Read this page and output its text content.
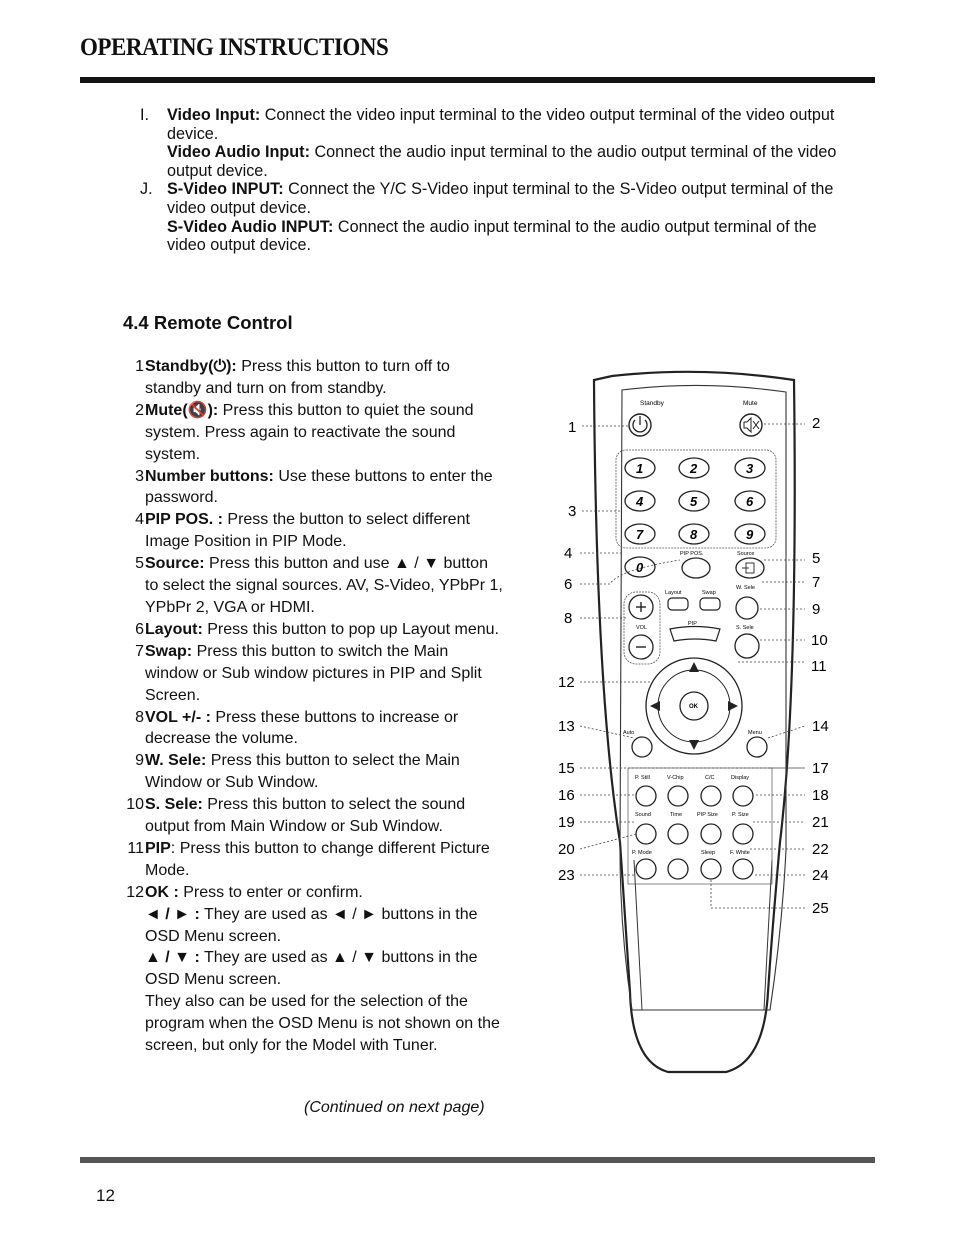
OPERATING INSTRUCTIONS
I.	Video Input: Connect the video input terminal to the video output terminal of the video output device.

Video Audio Input: Connect the audio input terminal to the audio output terminal of the video output device.

J. S-Video INPUT: Connect the Y/C S-Video input terminal to the S-Video output terminal of the video output device.

S-Video Audio INPUT: Connect the audio input terminal to the audio output terminal of the video output device.

4.4 Remote Control
1 Standby(⏻): Press this button to turn off to standby and turn on from standby.

2 Mute(🔇): Press this button to quiet the sound system. Press again to reactivate the sound system.

3 Number buttons: Use these buttons to enter the password.

4 PIP POS. : Press the button to select different Image Position in PIP Mode.

5 Source: Press this button and use ▲ / ▼ button to select the signal sources. AV, S-Video, YPbPr 1, YPbPr 2, VGA or HDMI.

6 Layout: Press this button to pop up Layout menu.

7 Swap: Press this button to switch the Main window or Sub window pictures in PIP and Split Screen.

8 VOL +/- : Press these buttons to increase or decrease the volume.

9 W. Sele: Press this button to select the Main Window or Sub Window.

10 S. Sele: Press this button to select the sound output from Main Window or Sub Window.

11 PIP: Press this button to change different Picture Mode.

12 OK : Press to enter or confirm.

◄ / ► : They are used as ◄ / ► buttons in the OSD Menu screen.

▲ / ▼ : They are used as ▲ / ▼ buttons in the OSD Menu screen.

They also can be used for the selection of the program when the OSD Menu is not shown on the screen, but only for the Model with Tuner.

(Continued on next page)
Standby	Mute
1	2	3
4	5	6
7	8	9
0
PIP POS.	Source
Layout	Swap
W. Sele
VOL
PIP
S. Sele
OK
Auto	Menu
P. Still	V-Chip	C/C	Display
Sound	Time	PIP Size	P. Size
P. Mode	Sleep	F. White
1	2
3
4	5
6	7
8
9
10
11
12
13	14
15
16
17
18
19
20
21
22
23	24
25
12
